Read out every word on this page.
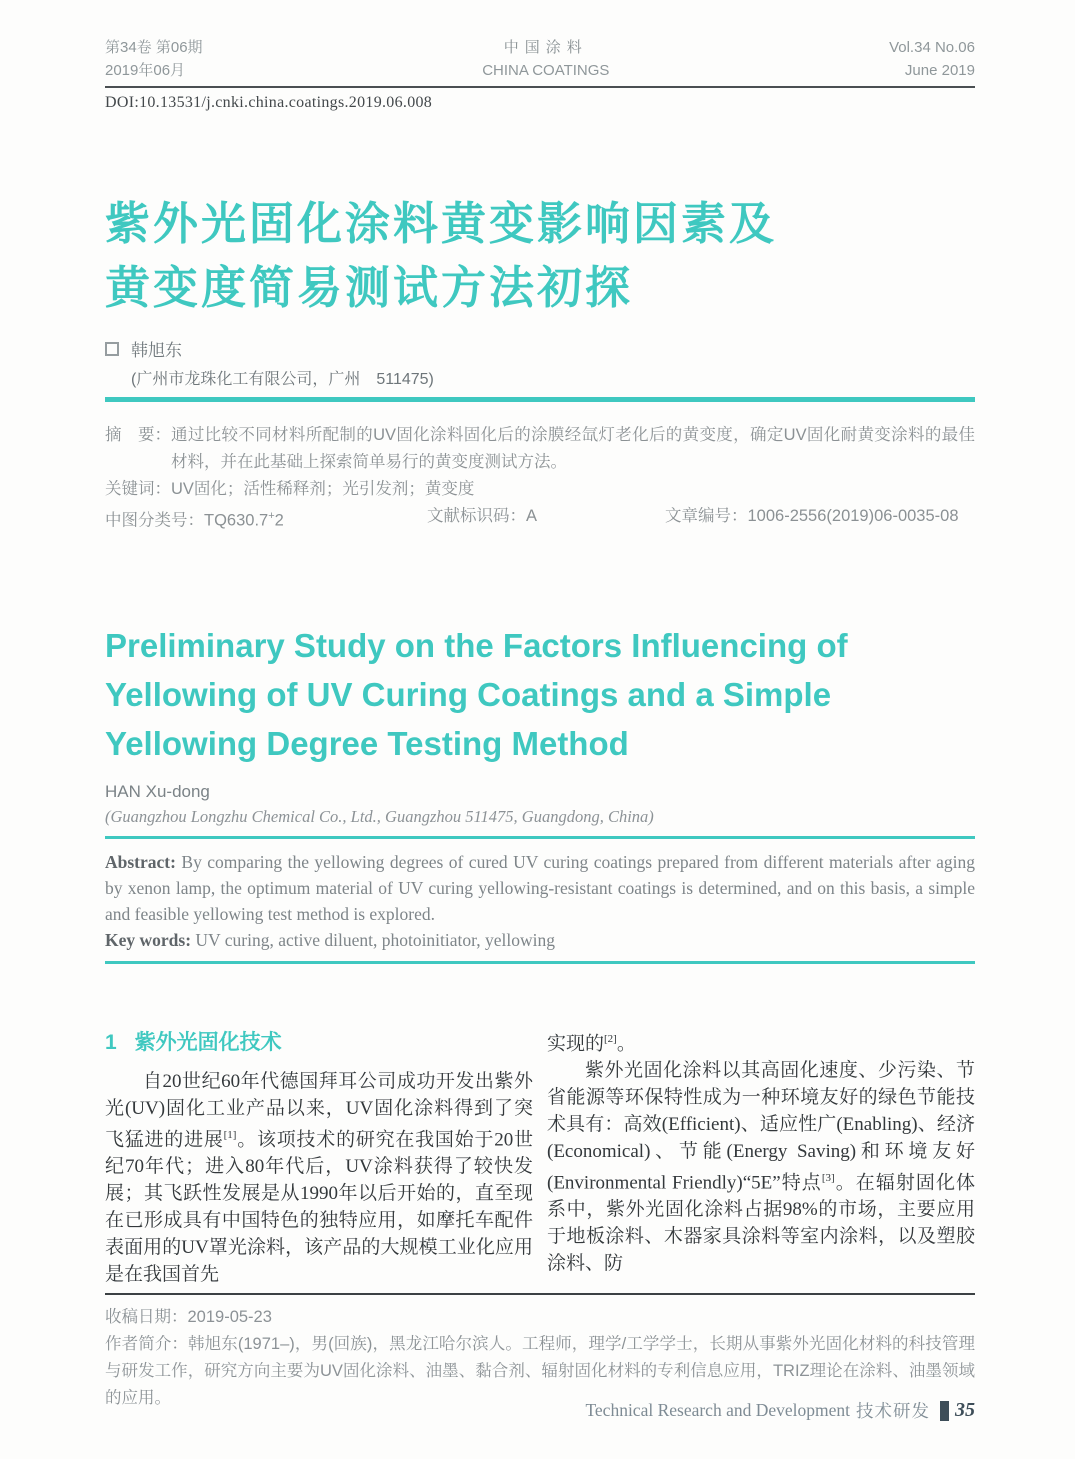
第34卷 第06期
2019年06月
中国涂料
CHINA COATINGS
Vol.34 No.06
June 2019
DOI:10.13531/j.cnki.china.coatings.2019.06.008
紫外光固化涂料黄变影响因素及
黄变度简易测试方法初探
韩旭东
(广州市龙珠化工有限公司，广州　511475)
摘　要： 通过比较不同材料所配制的UV固化涂料固化后的涂膜经氙灯老化后的黄变度，确定UV固化耐黄变涂料的最佳材料，并在此基础上探索简单易行的黄变度测试方法。
关键词： UV固化；活性稀释剂；光引发剂；黄变度
中图分类号：TQ630.7+2	文献标识码：A	文章编号：1006-2556(2019)06-0035-08
Preliminary Study on the Factors Influencing of Yellowing of UV Curing Coatings and a Simple Yellowing Degree Testing Method
HAN Xu-dong
(Guangzhou Longzhu Chemical Co., Ltd., Guangzhou 511475, Guangdong, China)

Abstract: By comparing the yellowing degrees of cured UV curing coatings prepared from different materials after aging by xenon lamp, the optimum material of UV curing yellowing-resistant coatings is determined, and on this basis, a simple and feasible yellowing test method is explored.

Key words: UV curing, active diluent, photoinitiator, yellowing

1 紫外光固化技术

自20世纪60年代德国拜耳公司成功开发出紫外光(UV)固化工业产品以来，UV固化涂料得到了突飞猛进的进展[1]。该项技术的研究在我国始于20世纪70年代；进入80年代后，UV涂料获得了较快发展；其飞跃性发展是从1990年以后开始的，直至现在已形成具有中国特色的独特应用，如摩托车配件表面用的UV罩光涂料，该产品的大规模工业化应用是在我国首先

实现的[2]。

紫外光固化涂料以其高固化速度、少污染、节省能源等环保特性成为一种环境友好的绿色节能技术具有：高效(Efficient)、适应性广(Enabling)、经济(Economical)、节能(Energy Saving)和环境友好(Environmental Friendly)“5E”特点[3]。在辐射固化体系中，紫外光固化涂料占据98%的市场，主要应用于地板涂料、木器家具涂料等室内涂料，以及塑胶涂料、防

收稿日期：2019-05-23

作者简介：韩旭东(1971–)，男(回族)，黑龙江哈尔滨人。工程师，理学/工学学士，长期从事紫外光固化材料的科技管理与研发工作，研究方向主要为UV固化涂料、油墨、黏合剂、辐射固化材料的专利信息应用，TRIZ理论在涂料、油墨领域的应用。

Technical Research and Development 技术研发 35
